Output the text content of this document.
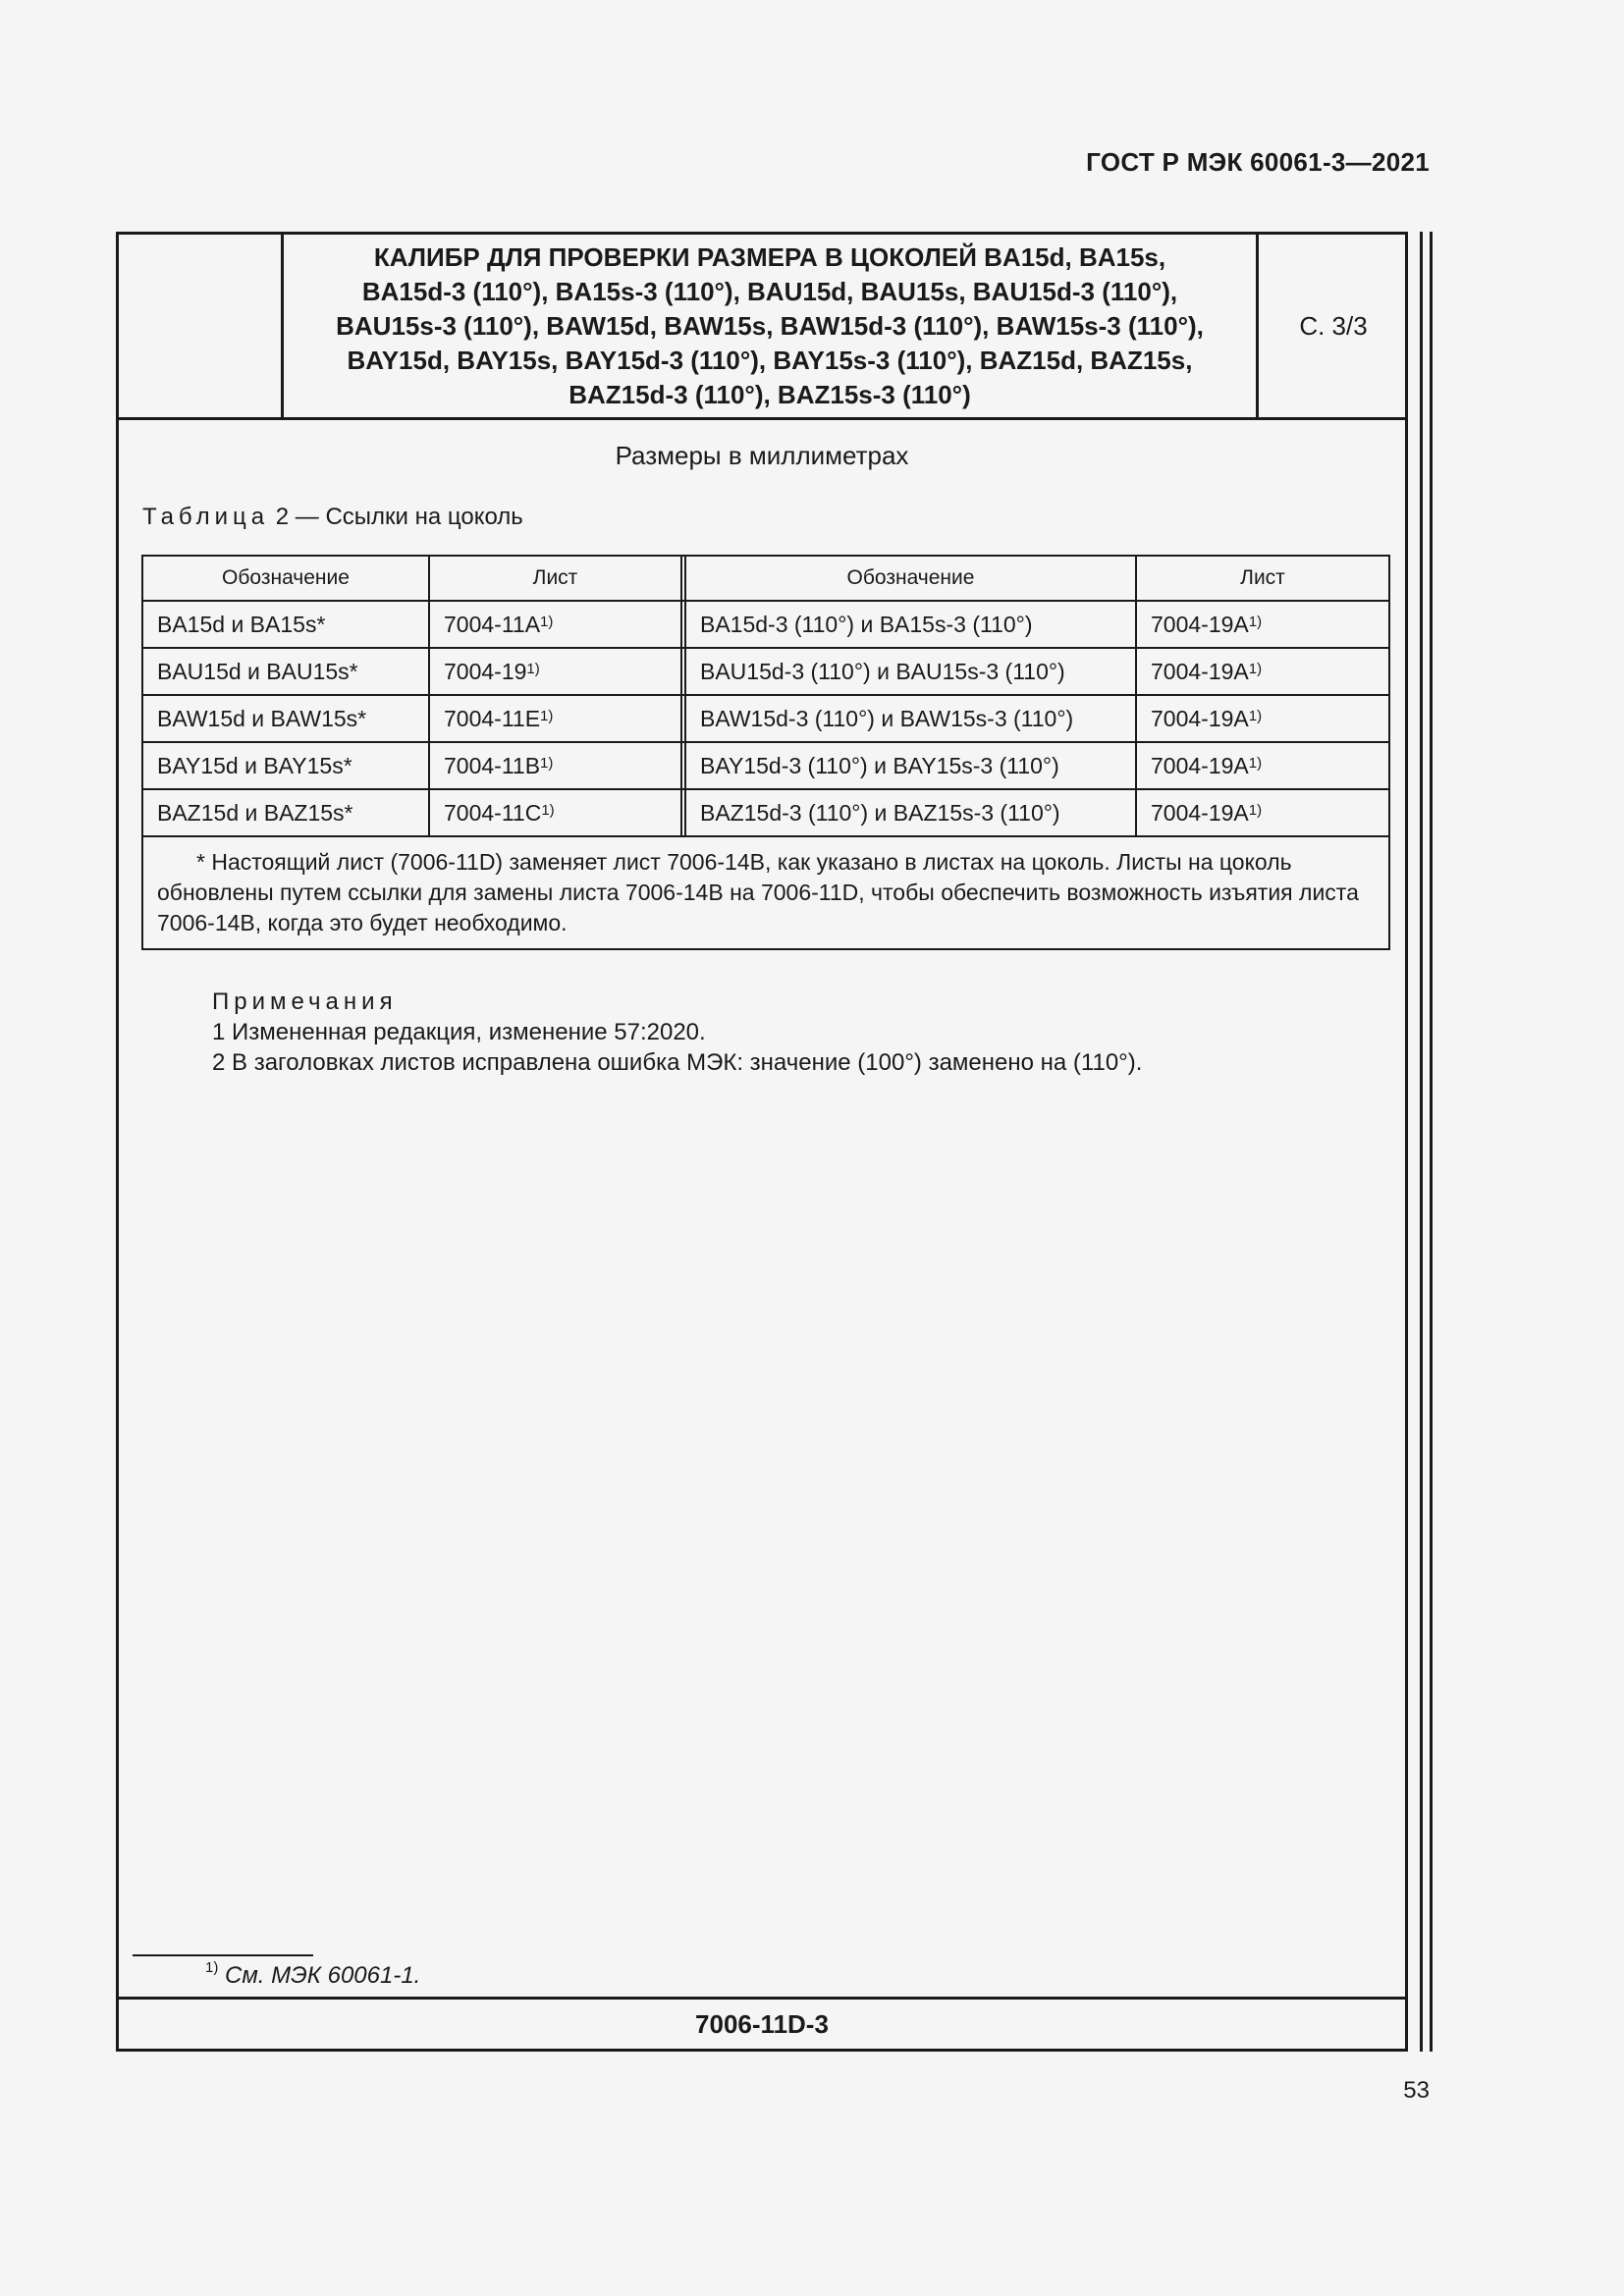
ГОСТ Р МЭК 60061-3—2021
КАЛИБР ДЛЯ ПРОВЕРКИ РАЗМЕРА В ЦОКОЛЕЙ BA15d, BA15s,
BA15d-3 (110°), BA15s-3 (110°), BAU15d, BAU15s, BAU15d-3 (110°),
BAU15s-3 (110°), BAW15d, BAW15s, BAW15d-3 (110°), BAW15s-3 (110°),
BAY15d, BAY15s, BAY15d-3 (110°), BAY15s-3 (110°), BAZ15d, BAZ15s,
BAZ15d-3 (110°), BAZ15s-3 (110°)
С. 3/3
Размеры в миллиметрах
Таблица 2 — Ссылки на цоколь
Обозначение	Лист	Обозначение	Лист
BA15d и BA15s*	$7004-11A^{1)}$	BA15d-3 (110°) и BA15s-3 (110°)	$7004-19A^{1)}$
BAU15d и BAU15s*	7004-19$^{1)}$	BAU15d-3 (110°) и BAU15s-3 (110°)	$7004-19A^{1)}$
BAW15d и BAW15s*	$7004-11E^{1)}$	BAW15d-3 (110°) и BAW15s-3 (110°)	$7004-19A^{1)}$
BAY15d и BAY15s*	$7004-11B^{1)}$	BAY15d-3 (110°) и BAY15s-3 (110°)	$7004-19A^{1)}$
BAZ15d и BAZ15s*	$7004-11C^{1)}$	BAZ15d-3 (110°) и BAZ15s-3 (110°)	$7004-19A^{1)}$
* Настоящий лист (7006-11D) заменяет лист 7006-14B, как указано в листах на цоколь. Листы на цоколь обновлены путем ссылки для замены листа 7006-14B на 7006-11D, чтобы обеспечить возможность изъятия листа 7006-14B, когда это будет необходимо.
Примечания
1 Измененная редакция, изменение 57:2020.
2 В заголовках листов исправлена ошибка МЭК: значение (100°) заменено на (110°).
$^{1)}$ См. МЭК 60061-1.
7006-11D-3
53
